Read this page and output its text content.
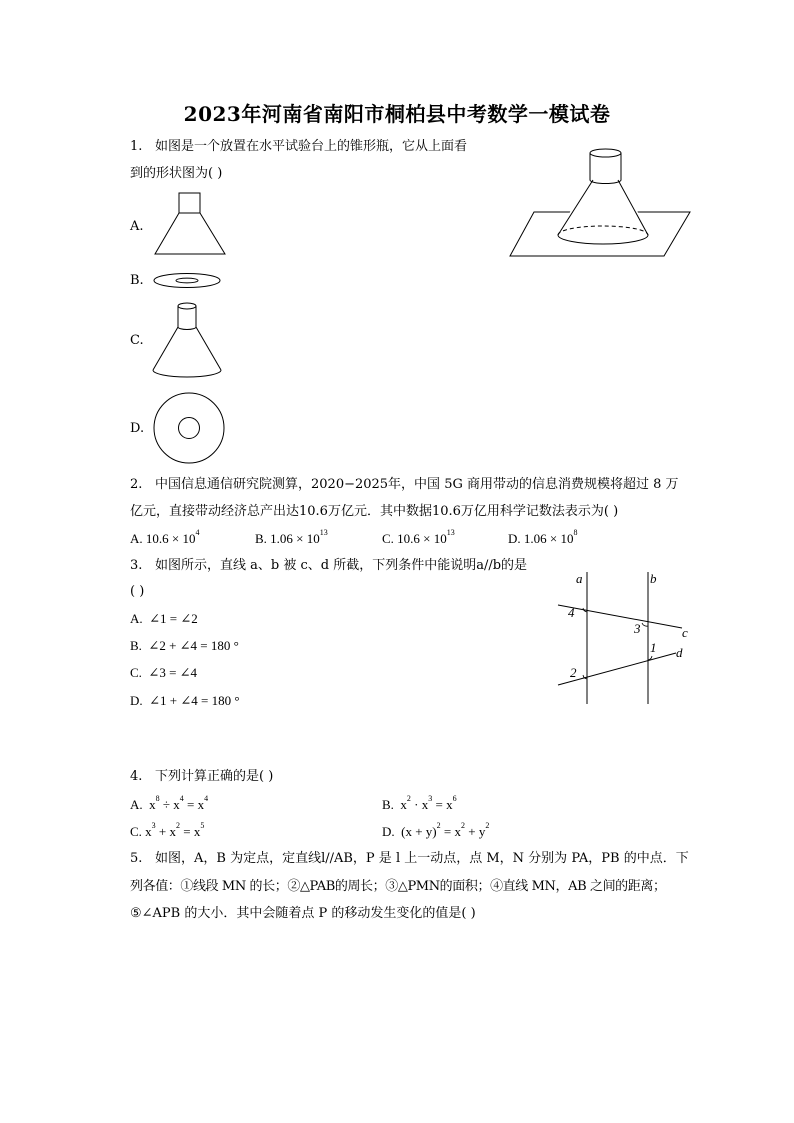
2023年河南省南阳市桐柏县中考数学一模试卷
1. 如图是一个放置在水平试验台上的锥形瓶，它从上面看
到的形状图为( )
A.
B.
C.
D.
2. 中国信息通信研究院测算，2020−2025年，中国 5G 商用带动的信息消费规模将超过 8 万
亿元，直接带动经济总产出达10.6万亿元．其中数据10.6万亿用科学记数法表示为( )
A. $10.6 \times 10^4$	B. $1.06 \times 10^{13}$	C. $10.6 \times 10^{13}$	D. $1.06 \times 10^8$
3. 如图所示，直线 a、b 被 c、d 所截，下列条件中能说明a//b的是
( )
A. ∠1 = ∠2
B. ∠2 + ∠4 = 180 °
C. ∠3 = ∠4
D. ∠1 + ∠4 = 180 °
a	b
c
d
4
3
1
2
4. 下列计算正确的是( )
A.  $x^8 \div x^4 = x^4$	B.  $x^2 \cdot x^3 = x^6$
C. $x^3 + x^2 = x^5$	D.  $(x + y)^2 = x^2 + y^2$
5. 如图，A，B 为定点，定直线l//AB，P 是 l 上一动点，点 M，N 分别为 PA，PB 的中点．下
列各值：①线段 MN 的长；②△PAB的周长；③△PMN的面积；④直线 MN，AB 之间的距离；
⑤∠APB 的大小．其中会随着点 P 的移动发生变化的值是( )
